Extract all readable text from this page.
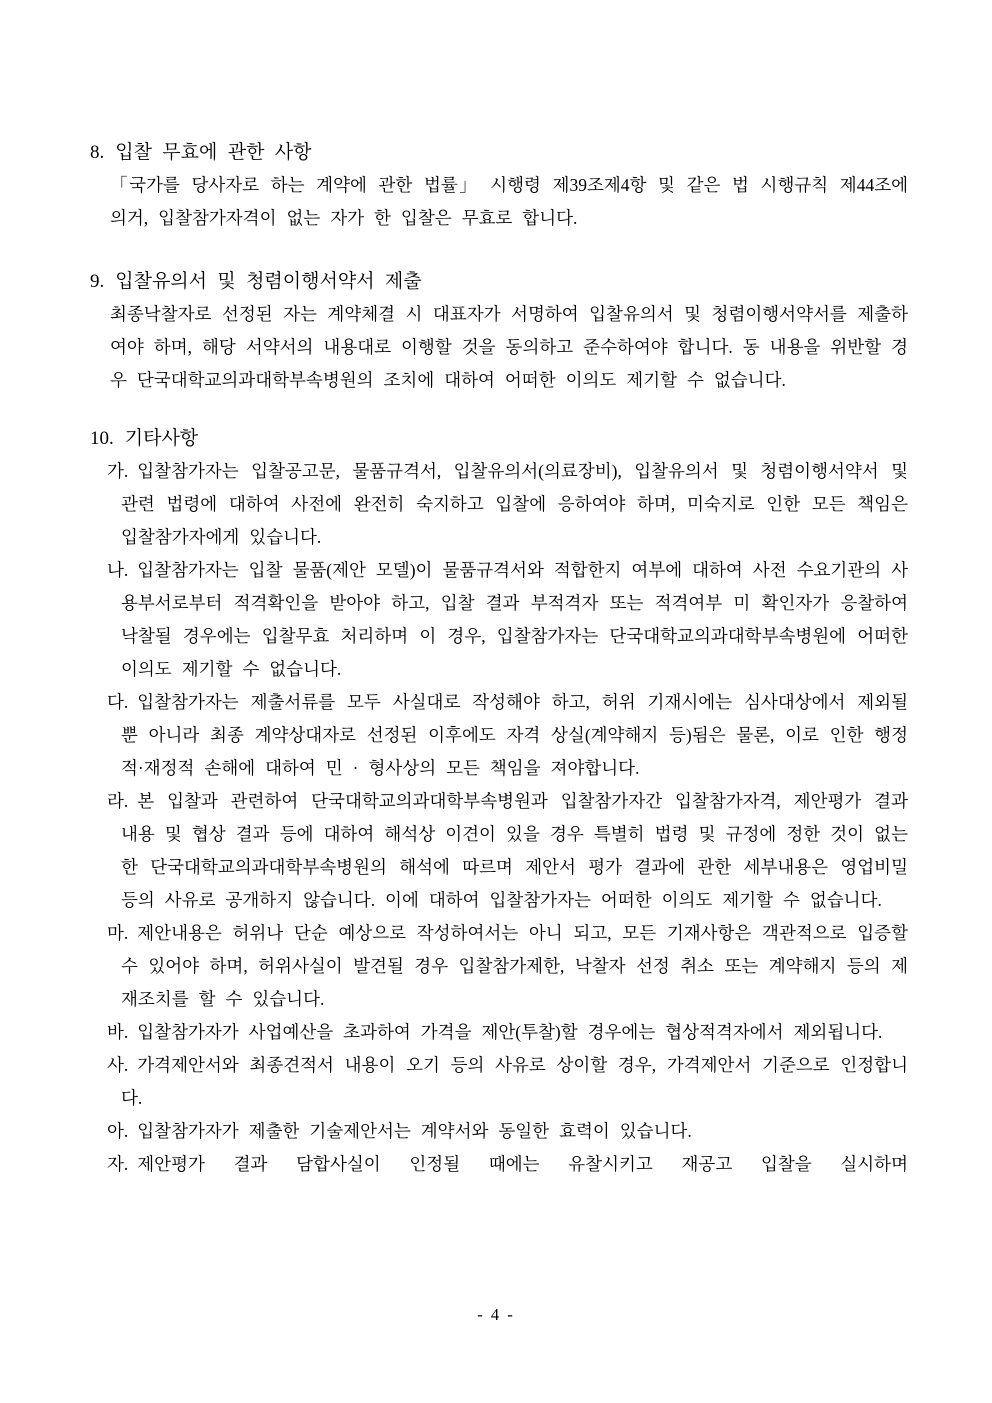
8. 입찰 무효에 관한 사항

「국가를 당사자로 하는 계약에 관한 법률」 시행령 제39조제4항 및 같은 법 시행규칙 제44조에 의거, 입찰참가자격이 없는 자가 한 입찰은 무효로 합니다.

9. 입찰유의서 및 청렴이행서약서 제출

최종낙찰자로 선정된 자는 계약체결 시 대표자가 서명하여 입찰유의서 및 청렴이행서약서를 제출하여야 하며, 해당 서약서의 내용대로 이행할 것을 동의하고 준수하여야 합니다. 동 내용을 위반할 경우 단국대학교의과대학부속병원의 조치에 대하여 어떠한 이의도 제기할 수 없습니다.

10. 기타사항

가. 입찰참가자는 입찰공고문, 물품규격서, 입찰유의서(의료장비), 입찰유의서 및 청렴이행서약서 및 관련 법령에 대하여 사전에 완전히 숙지하고 입찰에 응하여야 하며, 미숙지로 인한 모든 책임은 입찰참가자에게 있습니다.

나. 입찰참가자는 입찰 물품(제안 모델)이 물품규격서와 적합한지 여부에 대하여 사전 수요기관의 사용부서로부터 적격확인을 받아야 하고, 입찰 결과 부적격자 또는 적격여부 미 확인자가 응찰하여 낙찰될 경우에는 입찰무효 처리하며 이 경우, 입찰참가자는 단국대학교의과대학부속병원에 어떠한 이의도 제기할 수 없습니다.

다. 입찰참가자는 제출서류를 모두 사실대로 작성해야 하고, 허위 기재시에는 심사대상에서 제외될 뿐 아니라 최종 계약상대자로 선정된 이후에도 자격 상실(계약해지 등)됨은 물론, 이로 인한 행정적·재정적 손해에 대하여 민 · 형사상의 모든 책임을 져야합니다.

라. 본 입찰과 관련하여 단국대학교의과대학부속병원과 입찰참가자간 입찰참가자격, 제안평가 결과 내용 및 협상 결과 등에 대하여 해석상 이견이 있을 경우 특별히 법령 및 규정에 정한 것이 없는 한 단국대학교의과대학부속병원의 해석에 따르며 제안서 평가 결과에 관한 세부내용은 영업비밀 등의 사유로 공개하지 않습니다. 이에 대하여 입찰참가자는 어떠한 이의도 제기할 수 없습니다.

마. 제안내용은 허위나 단순 예상으로 작성하여서는 아니 되고, 모든 기재사항은 객관적으로 입증할 수 있어야 하며, 허위사실이 발견될 경우 입찰참가제한, 낙찰자 선정 취소 또는 계약해지 등의 제재조치를 할 수 있습니다.

바. 입찰참가자가 사업예산을 초과하여 가격을 제안(투찰)할 경우에는 협상적격자에서 제외됩니다.

사. 가격제안서와 최종견적서 내용이 오기 등의 사유로 상이할 경우, 가격제안서 기준으로 인정합니다.

아. 입찰참가자가 제출한 기술제안서는 계약서와 동일한 효력이 있습니다.

자. 제안평가 결과 담합사실이 인정될 때에는 유찰시키고 재공고 입찰을 실시하며

- 4 -
